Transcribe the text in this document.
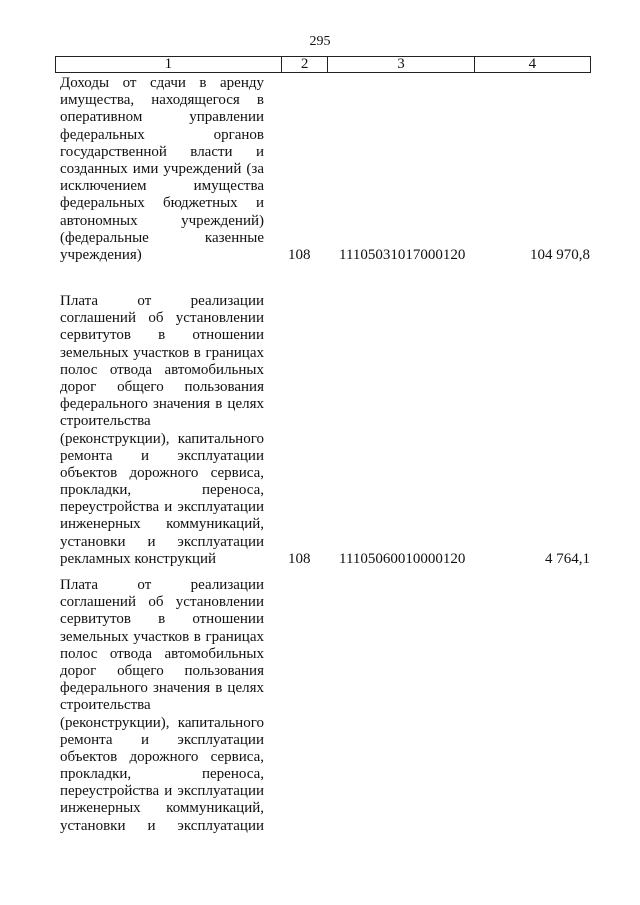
295
1	2	3	4
Доходы от сдачи в аренду
имущества, находящегося в
оперативном управлении
федеральных органов
государственной власти и
созданных ими учреждений (за
исключением имущества
федеральных бюджетных и
автономных учреждений)
(федеральные казенные
учреждения)	108 11105031017000120	104 970,8
Плата от реализации
соглашений об установлении
сервитутов в отношении
земельных участков в границах
полос отвода автомобильных
дорог общего пользования
федерального значения в целях
строительства
(реконструкции), капитального
ремонта и эксплуатации
объектов дорожного сервиса,
прокладки, переноса,
переустройства и эксплуатации
инженерных коммуникаций,
установки и эксплуатации
рекламных конструкций	108 11105060010000120	4 764,1
Плата от реализации
соглашений об установлении
сервитутов в отношении
земельных участков в границах
полос отвода автомобильных
дорог общего пользования
федерального значения в целях
строительства
(реконструкции), капитального
ремонта и эксплуатации
объектов дорожного сервиса,
прокладки, переноса,
переустройства и эксплуатации
инженерных коммуникаций,
установки и эксплуатации
